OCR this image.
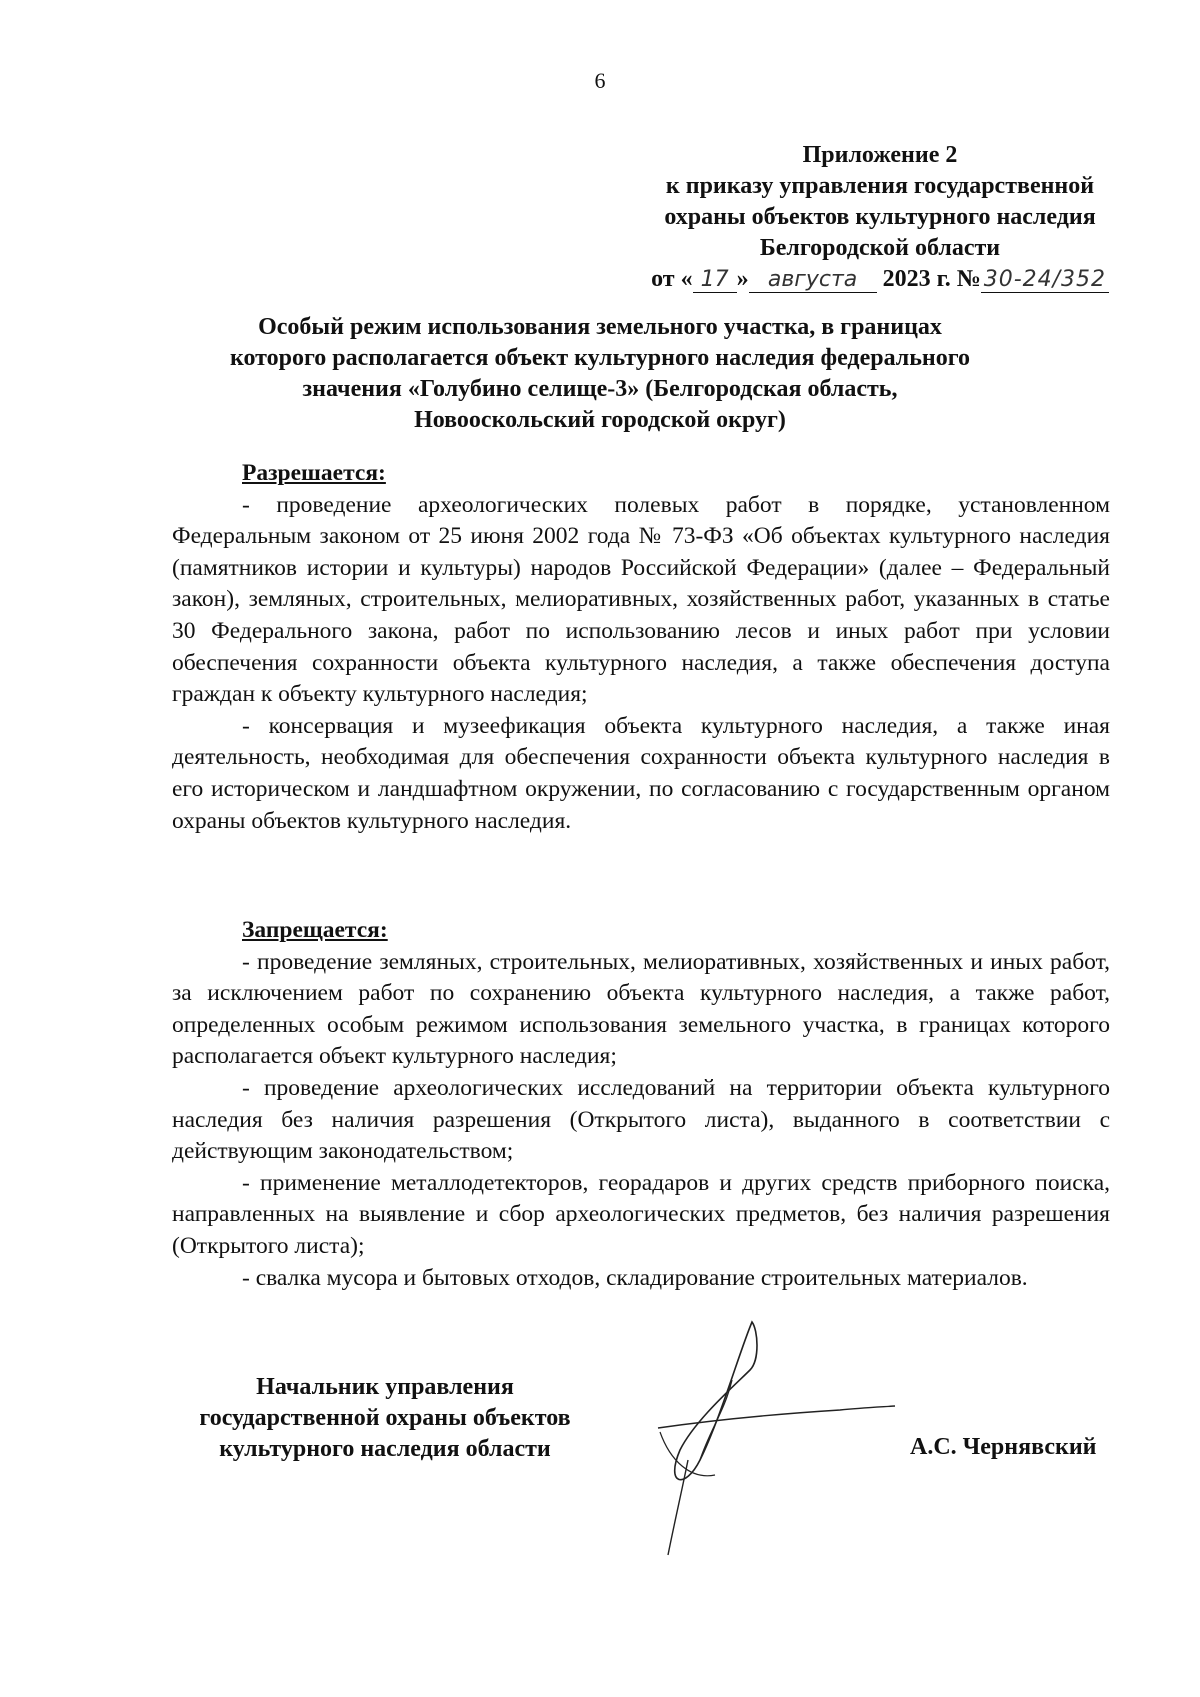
6
Приложение 2
к приказу управления государственной
охраны объектов культурного наследия
Белгородской области
от « 17 » августа	2023 г. № 30-24/352
Особый режим использования земельного участка, в границах
которого располагается объект культурного наследия федерального
значения «Голубино селище-3» (Белгородская область,
Новооскольский городской округ)
Разрешается:

- проведение археологических полевых работ в порядке, установленном Федеральным законом от 25 июня 2002 года № 73-ФЗ «Об объектах культурного наследия (памятников истории и культуры) народов Российской Федерации» (далее – Федеральный закон), земляных, строительных, мелиоративных, хозяйственных работ, указанных в статье 30 Федерального закона, работ по использованию лесов и иных работ при условии обеспечения сохранности объекта культурного наследия, а также обеспечения доступа граждан к объекту культурного наследия;

- консервация и музеефикация объекта культурного наследия, а также иная деятельность, необходимая для обеспечения сохранности объекта культурного наследия в его историческом и ландшафтном окружении, по согласованию с государственным органом охраны объектов культурного наследия.

Запрещается:

- проведение земляных, строительных, мелиоративных, хозяйственных и иных работ, за исключением работ по сохранению объекта культурного наследия, а также работ, определенных особым режимом использования земельного участка, в границах которого располагается объект культурного наследия;

- проведение археологических исследований на территории объекта культурного наследия без наличия разрешения (Открытого листа), выданного в соответствии с действующим законодательством;

- применение металлодетекторов, георадаров и других средств приборного поиска, направленных на выявление и сбор археологических предметов, без наличия разрешения (Открытого листа);

- свалка мусора и бытовых отходов, складирование строительных материалов.

Начальник управления
государственной охраны объектов
культурного наследия области	А.С. Чернявский
